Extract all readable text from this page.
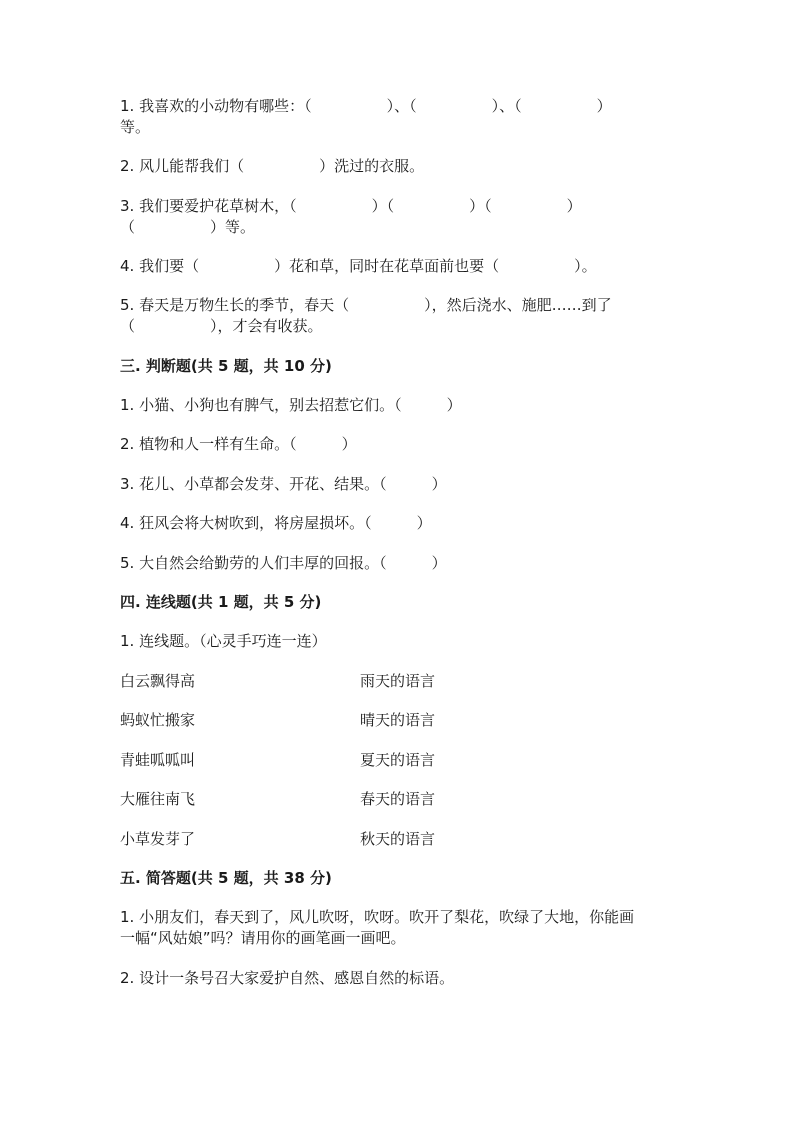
1. 我喜欢的小动物有哪些：（　　　　　）、（　　　　　）、（　　　　　）
等。
2. 风儿能帮我们（　　　　　）洗过的衣服。
3. 我们要爱护花草树木，（　　　　　）（　　　　　）（　　　　　）
（　　　　　）等。
4. 我们要（　　　　　）花和草，同时在花草面前也要（　　　　　）。
5. 春天是万物生长的季节，春天（　　　　　），然后浇水、施肥……到了
（　　　　　），才会有收获。
三. 判断题(共 5 题，共 10 分)
1. 小猫、小狗也有脾气，别去招惹它们。（　　　）
2. 植物和人一样有生命。（　　　）
3. 花儿、小草都会发芽、开花、结果。（　　　）
4. 狂风会将大树吹到，将房屋损坏。（　　　）
5. 大自然会给勤劳的人们丰厚的回报。（　　　）
四. 连线题(共 1 题，共 5 分)
1. 连线题。（心灵手巧连一连）
白云飘得高	雨天的语言
蚂蚁忙搬家	晴天的语言
青蛙呱呱叫	夏天的语言
大雁往南飞	春天的语言
小草发芽了	秋天的语言
五. 简答题(共 5 题，共 38 分)
1. 小朋友们，春天到了，风儿吹呀，吹呀。吹开了梨花，吹绿了大地，你能画
一幅“风姑娘”吗？请用你的画笔画一画吧。
2. 设计一条号召大家爱护自然、感恩自然的标语。
